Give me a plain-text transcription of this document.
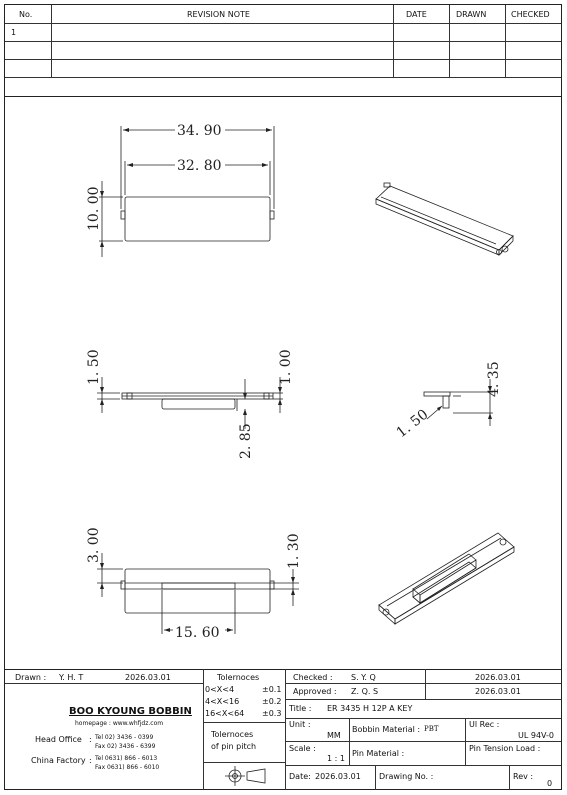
No.	REVISION NOTE	DATE	DRAWN	CHECKED
1
34. 90
32. 80
10. 00
1. 50	1. 00
2. 85
4. 35
1. 50
3. 00	1. 30
15. 60
Drawn : Y. H. T	2026.03.01
BOO KYOUNG BOBBIN
homepage : www.whfjdz.com
Head Office : Tel 02) 3436 - 0399
Fax 02) 3436 - 6399
China Factory : Tel 0631) 866 - 6013
Fax 0631) 866 - 6010
Tolernoces
0<X<4	±0.1
4<X<16	±0.2
16<X<64 ±0.3
Tolernoces
of pin pitch
Checked : S. Y. Q	2026.03.01
Approved : Z. Q. S	2026.03.01
Title : ER 3435 H 12P A KEY
Unit :
MM
Bobbin Material : PBT	Ul Rec :
UL 94V-0
Scale :
1 : 1
Pin Material :
Pin Tension Load :
Date: 2026.03.01 Drawing No. :	Rev :
0
